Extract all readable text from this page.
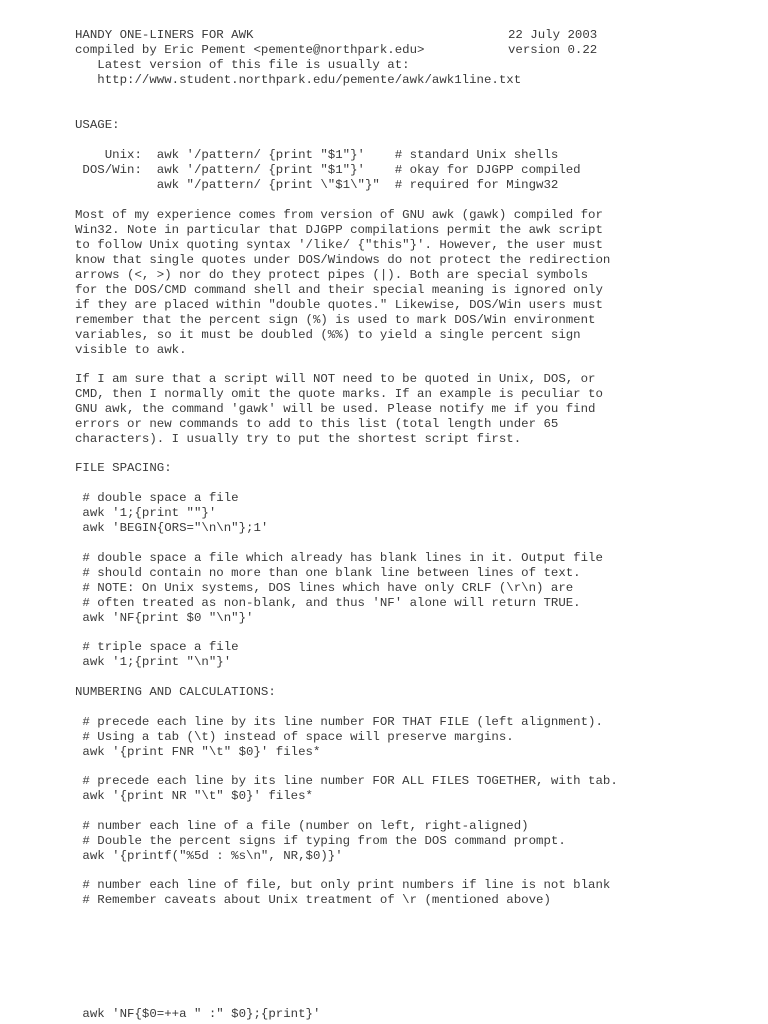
HANDY ONE-LINERS FOR AWK	22 July 2003
compiled by Eric Pement <pemente@northpark.edu>	version 0.22
Latest version of this file is usually at:
http://www.student.northpark.edu/pemente/awk/awk1line.txt
USAGE:
Unix:  awk '/pattern/ {print "$1"}'    # standard Unix shells
DOS/Win:  awk '/pattern/ {print "$1"}'    # okay for DJGPP compiled
awk "/pattern/ {print \"$1\"}"  # required for Mingw32
Most of my experience comes from version of GNU awk (gawk) compiled for
Win32. Note in particular that DJGPP compilations permit the awk script
to follow Unix quoting syntax '/like/ {"this"}'. However, the user must
know that single quotes under DOS/Windows do not protect the redirection
arrows (<, >) nor do they protect pipes (|). Both are special symbols
for the DOS/CMD command shell and their special meaning is ignored only
if they are placed within "double quotes." Likewise, DOS/Win users must
remember that the percent sign (%) is used to mark DOS/Win environment
variables, so it must be doubled (%%) to yield a single percent sign
visible to awk.
If I am sure that a script will NOT need to be quoted in Unix, DOS, or
CMD, then I normally omit the quote marks. If an example is peculiar to
GNU awk, the command 'gawk' will be used. Please notify me if you find
errors or new commands to add to this list (total length under 65
characters). I usually try to put the shortest script first.
FILE SPACING:
# double space a file
awk '1;{print ""}'
awk 'BEGIN{ORS="\n\n"};1'
# double space a file which already has blank lines in it. Output file
# should contain no more than one blank line between lines of text.
# NOTE: On Unix systems, DOS lines which have only CRLF (\r\n) are
# often treated as non-blank, and thus 'NF' alone will return TRUE.
awk 'NF{print $0 "\n"}'
# triple space a file
awk '1;{print "\n"}'
NUMBERING AND CALCULATIONS:
# precede each line by its line number FOR THAT FILE (left alignment).
# Using a tab (\t) instead of space will preserve margins.
awk '{print FNR "\t" $0}' files*
# precede each line by its line number FOR ALL FILES TOGETHER, with tab.
awk '{print NR "\t" $0}' files*
# number each line of a file (number on left, right-aligned)
# Double the percent signs if typing from the DOS command prompt.
awk '{printf("%5d : %s\n", NR,$0)}'
# number each line of file, but only print numbers if line is not blank
# Remember caveats about Unix treatment of \r (mentioned above)
awk 'NF{$0=++a " :" $0};{print}'
